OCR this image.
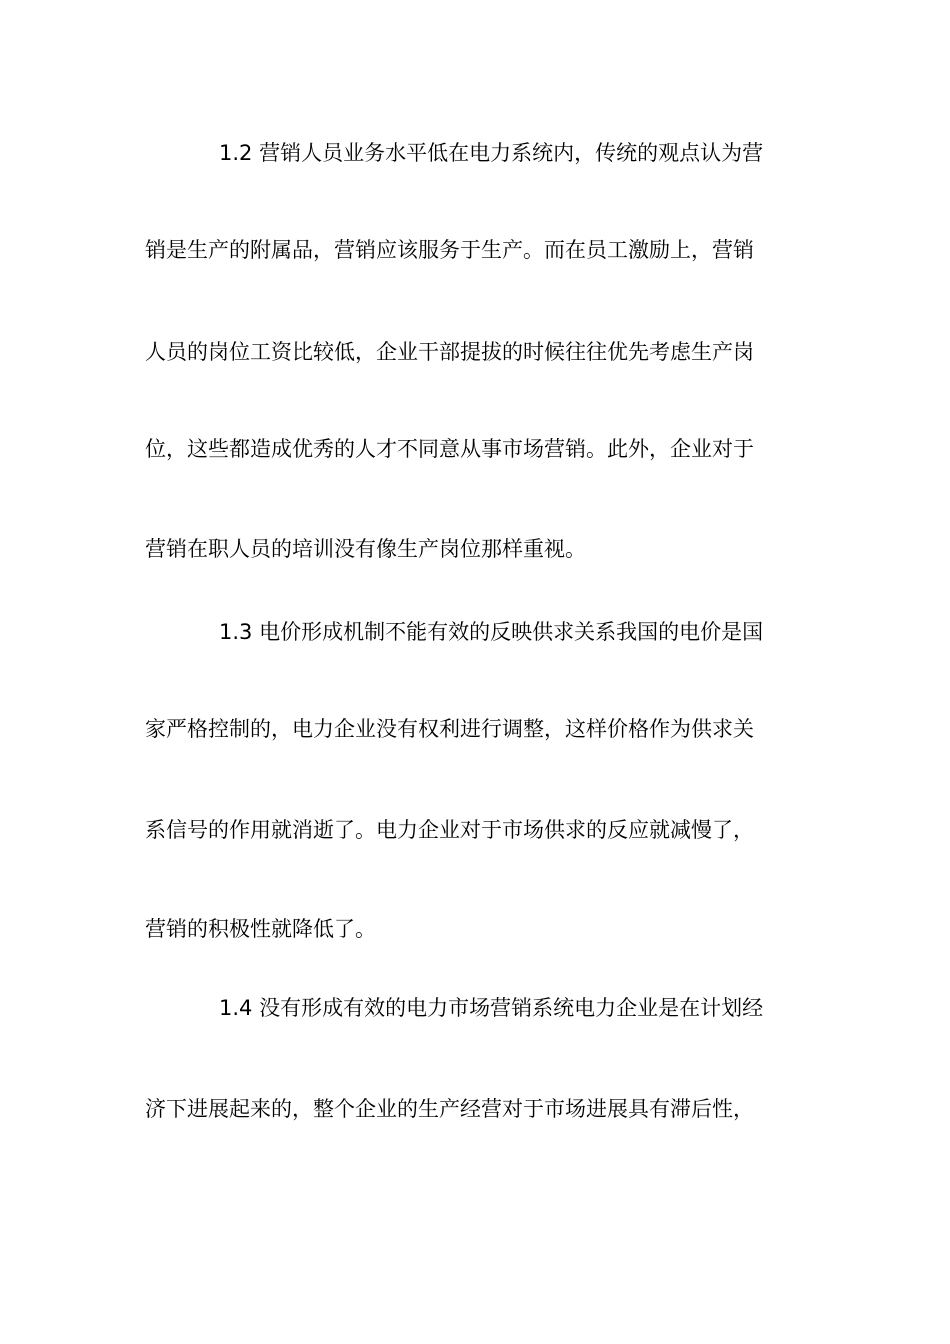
1.2 营销人员业务水平低在电力系统内，传统的观点认为营
销是生产的附属品，营销应该服务于生产。而在员工激励上，营销
人员的岗位工资比较低，企业干部提拔的时候往往优先考虑生产岗
位，这些都造成优秀的人才不同意从事市场营销。此外，企业对于
营销在职人员的培训没有像生产岗位那样重视。
1.3 电价形成机制不能有效的反映供求关系我国的电价是国
家严格控制的，电力企业没有权利进行调整，这样价格作为供求关
系信号的作用就消逝了。电力企业对于市场供求的反应就减慢了，
营销的积极性就降低了。
1.4 没有形成有效的电力市场营销系统电力企业是在计划经
济下进展起来的，整个企业的生产经营对于市场进展具有滞后性，
